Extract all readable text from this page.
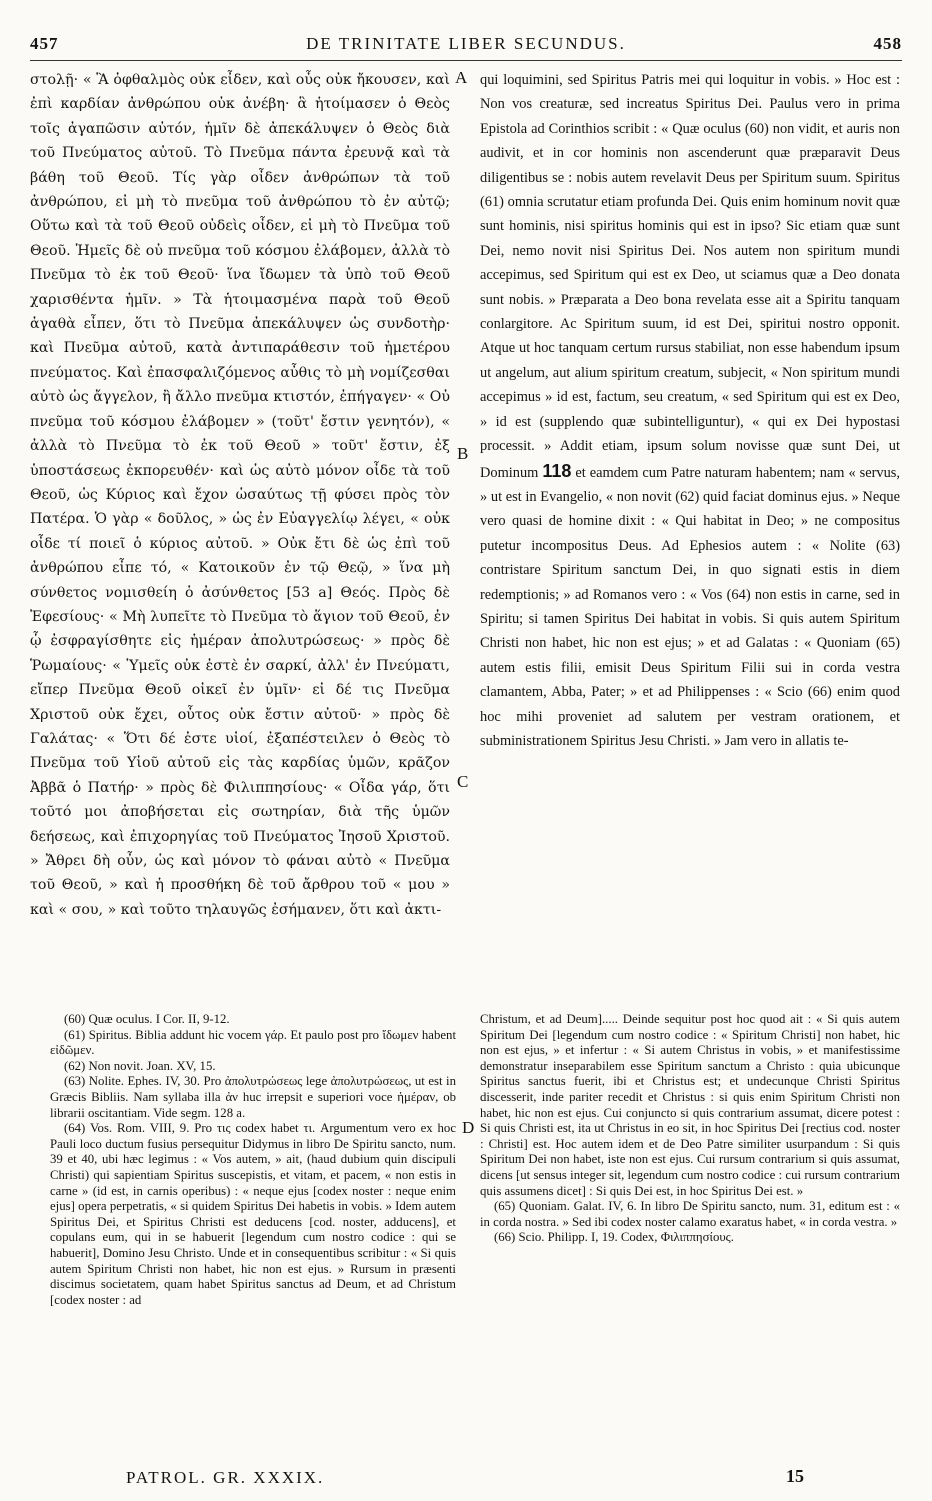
457	DE TRINITATE LIBER SECUNDUS.	458

στολῇ· « Ἃ ὀφθαλμὸς οὐκ εἶδεν, καὶ οὖς οὐκ ἤκουσεν, καὶ ἐπὶ καρδίαν ἀνθρώπου οὐκ ἀνέβη· ἃ ἡτοίμασεν ὁ Θεὸς τοῖς ἀγαπῶσιν αὐτόν, ἡμῖν δὲ ἀπεκάλυψεν ὁ Θεὸς διὰ τοῦ Πνεύματος αὐτοῦ. Τὸ Πνεῦμα πάντα ἐρευνᾷ καὶ τὰ βάθη τοῦ Θεοῦ. Τίς γὰρ οἶδεν ἀνθρώπων τὰ τοῦ ἀνθρώπου, εἰ μὴ τὸ πνεῦμα τοῦ ἀνθρώπου τὸ ἐν αὐτῷ; Οὕτω καὶ τὰ τοῦ Θεοῦ οὐδεὶς οἶδεν, εἰ μὴ τὸ Πνεῦμα τοῦ Θεοῦ. Ἡμεῖς δὲ οὐ πνεῦμα τοῦ κόσμου ἐλάβομεν, ἀλλὰ τὸ Πνεῦμα τὸ ἐκ τοῦ Θεοῦ· ἵνα ἴδωμεν τὰ ὑπὸ τοῦ Θεοῦ χαρισθέντα ἡμῖν. » Τὰ ἡτοιμασμένα παρὰ τοῦ Θεοῦ ἀγαθὰ εἶπεν, ὅτι τὸ Πνεῦμα ἀπεκάλυψεν ὡς συνδοτὴρ· καὶ Πνεῦμα αὐτοῦ, κατὰ ἀντιπαράθεσιν τοῦ ἡμετέρου πνεύματος. Καὶ ἐπασφαλιζόμενος αὖθις τὸ μὴ νομίζεσθαι αὐτὸ ὡς ἄγγελον, ἢ ἄλλο πνεῦμα κτιστόν, ἐπήγαγεν· « Οὐ πνεῦμα τοῦ κόσμου ἐλάβομεν » (τοῦτ' ἔστιν γενητόν), « ἀλλὰ τὸ Πνεῦμα τὸ ἐκ τοῦ Θεοῦ » τοῦτ' ἔστιν, ἐξ ὑποστάσεως ἐκπορευθέν· καὶ ὡς αὐτὸ μόνον οἶδε τὰ τοῦ Θεοῦ, ὡς Κύριος καὶ ἔχον ὡσαύτως τῇ φύσει πρὸς τὸν Πατέρα. Ὁ γὰρ « δοῦλος, » ὡς ἐν Εὐαγγελίῳ λέγει, « οὐκ οἶδε τί ποιεῖ ὁ κύριος αὐτοῦ. » Οὐκ ἔτι δὲ ὡς ἐπὶ τοῦ ἀνθρώπου εἶπε τό, « Κατοικοῦν ἐν τῷ Θεῷ, » ἵνα μὴ σύνθετος νομισθείη ὁ ἀσύνθετος [53 a] Θεός. Πρὸς δὲ Ἐφεσίους· « Μὴ λυπεῖτε τὸ Πνεῦμα τὸ ἅγιον τοῦ Θεοῦ, ἐν ᾧ ἐσφραγίσθητε εἰς ἡμέραν ἀπολυτρώσεως· » πρὸς δὲ Ῥωμαίους· « Ὑμεῖς οὐκ ἐστὲ ἐν σαρκί, ἀλλ' ἐν Πνεύματι, εἴπερ Πνεῦμα Θεοῦ οἰκεῖ ἐν ὑμῖν· εἰ δέ τις Πνεῦμα Χριστοῦ οὐκ ἔχει, οὗτος οὐκ ἔστιν αὐτοῦ· » πρὸς δὲ Γαλάτας· « Ὅτι δέ ἐστε υἱοί, ἐξαπέστειλεν ὁ Θεὸς τὸ Πνεῦμα τοῦ Υἱοῦ αὐτοῦ εἰς τὰς καρδίας ὑμῶν, κρᾶζον Ἀββᾶ ὁ Πατήρ· » πρὸς δὲ Φιλιππησίους· « Οἶδα γάρ, ὅτι τοῦτό μοι ἀποβήσεται εἰς σωτηρίαν, διὰ τῆς ὑμῶν δεήσεως, καὶ ἐπιχορηγίας τοῦ Πνεύματος Ἰησοῦ Χριστοῦ. » Ἄθρει δὴ οὖν, ὡς καὶ μόνον τὸ φάναι αὐτὸ « Πνεῦμα τοῦ Θεοῦ, » καὶ ἡ προσθήκη δὲ τοῦ ἄρθρου τοῦ « μου » καὶ « σου, » καὶ τοῦτο τηλαυγῶς ἐσήμανεν, ὅτι καὶ ἀκτι-

A
B
C
D

qui loquimini, sed Spiritus Patris mei qui loquitur in vobis. » Hoc est : Non vos creaturæ, sed increatus Spiritus Dei. Paulus vero in prima Epistola ad Corinthios scribit : « Quæ oculus (60) non vidit, et auris non audivit, et in cor hominis non ascenderunt quæ præparavit Deus diligentibus se : nobis autem revelavit Deus per Spiritum suum. Spiritus (61) omnia scrutatur etiam profunda Dei. Quis enim hominum novit quæ sunt hominis, nisi spiritus hominis qui est in ipso? Sic etiam quæ sunt Dei, nemo novit nisi Spiritus Dei. Nos autem non spiritum mundi accepimus, sed Spiritum qui est ex Deo, ut sciamus quæ a Deo donata sunt nobis. » Præparata a Deo bona revelata esse ait a Spiritu tanquam conlargitore. Ac Spiritum suum, id est Dei, spiritui nostro opponit. Atque ut hoc tanquam certum rursus stabiliat, non esse habendum ipsum ut angelum, aut alium spiritum creatum, subjecit, « Non spiritum mundi accepimus » id est, factum, seu creatum, « sed Spiritum qui est ex Deo, » id est (supplendo quæ subintelliguntur), « qui ex Dei hypostasi processit. » Addit etiam, ipsum solum novisse quæ sunt Dei, ut Dominum 118 et eamdem cum Patre naturam habentem; nam « servus, » ut est in Evangelio, « non novit (62) quid faciat dominus ejus. » Neque vero quasi de homine dixit : « Qui habitat in Deo; » ne compositus putetur incompositus Deus. Ad Ephesios autem : « Nolite (63) contristare Spiritum sanctum Dei, in quo signati estis in diem redemptionis; » ad Romanos vero : « Vos (64) non estis in carne, sed in Spiritu; si tamen Spiritus Dei habitat in vobis. Si quis autem Spiritum Christi non habet, hic non est ejus; » et ad Galatas : « Quoniam (65) autem estis filii, emisit Deus Spiritum Filii sui in corda vestra clamantem, Abba, Pater; » et ad Philippenses : « Scio (66) enim quod hoc mihi proveniet ad salutem per vestram orationem, et subministrationem Spiritus Jesu Christi. » Jam vero in allatis te-

(60) Quæ oculus. I Cor. II, 9-12.

(61) Spiritus. Biblia addunt hic vocem γάρ. Et paulo post pro ἴδωμεν habent εἰδῶμεν.

(62) Non novit. Joan. XV, 15.

(63) Nolite. Ephes. IV, 30. Pro ἀπολυτρώσεως lege ἀπολυτρώσεως, ut est in Græcis Bibliis. Nam syllaba illa ἀν huc irrepsit e superiori voce ἡμέραν, ob librarii oscitantiam. Vide segm. 128 a.

(64) Vos. Rom. VIII, 9. Pro τις codex habet τι. Argumentum vero ex hoc Pauli loco ductum fusius persequitur Didymus in libro De Spiritu sancto, num. 39 et 40, ubi hæc legimus : « Vos autem, » ait, (haud dubium quin discipuli Christi) qui sapientiam Spiritus suscepistis, et vitam, et pacem, « non estis in carne » (id est, in carnis operibus) : « neque ejus [codex noster : neque enim ejus] opera perpetratis, « si quidem Spiritus Dei habetis in vobis. » Idem autem Spiritus Dei, et Spiritus Christi est deducens [cod. noster, adducens], et copulans eum, qui in se habuerit [legendum cum nostro codice : qui se habuerit], Domino Jesu Christo. Unde et in consequentibus scribitur : « Si quis autem Spiritum Christi non habet, hic non est ejus. » Rursum in præsenti discimus societatem, quam habet Spiritus sanctus ad Deum, et ad Christum [codex noster : ad

Christum, et ad Deum]..... Deinde sequitur post hoc quod ait : « Si quis autem Spiritum Dei [legendum cum nostro codice : « Spiritum Christi] non habet, hic non est ejus, » et infertur : « Si autem Christus in vobis, » et manifestissime demonstratur inseparabilem esse Spiritum sanctum a Christo : quia ubicunque Spiritus sanctus fuerit, ibi et Christus est; et undecunque Christi Spiritus discesserit, inde pariter recedit et Christus : si quis enim Spiritum Christi non habet, hic non est ejus. Cui conjuncto si quis contrarium assumat, dicere potest : Si quis Christi est, ita ut Christus in eo sit, in hoc Spiritus Dei [rectius cod. noster : Christi] est. Hoc autem idem et de Deo Patre similiter usurpandum : Si quis Spiritum Dei non habet, iste non est ejus. Cui rursum contrarium si quis assumat, dicens [ut sensus integer sit, legendum cum nostro codice : cui rursum contrarium quis assumens dicet] : Si quis Dei est, in hoc Spiritus Dei est. »

(65) Quoniam. Galat. IV, 6. In libro De Spiritu sancto, num. 31, editum est : « in corda nostra. » Sed ibi codex noster calamo exaratus habet, « in corda vestra. »

(66) Scio. Philipp. I, 19. Codex, Φιλιππησίους.

PATROL. GR. XXXIX.	15
